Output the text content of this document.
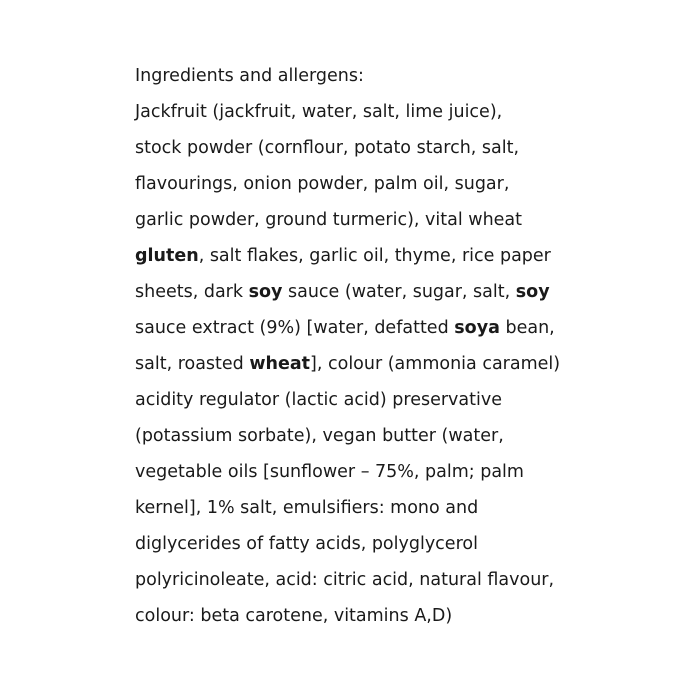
Ingredients and allergens:
Jackfruit (jackfruit, water, salt, lime juice),
stock powder (cornflour, potato starch, salt,
flavourings, onion powder, palm oil, sugar,
garlic powder, ground turmeric), vital wheat
gluten, salt flakes, garlic oil, thyme, rice paper
sheets, dark soy sauce (water, sugar, salt, soy
sauce extract (9%) [water, defatted soya bean,
salt, roasted wheat], colour (ammonia caramel)
acidity regulator (lactic acid) preservative
(potassium sorbate), vegan butter (water,
vegetable oils [sunflower – 75%, palm; palm
kernel], 1% salt, emulsifiers: mono and
diglycerides of fatty acids, polyglycerol
polyricinoleate, acid: citric acid, natural flavour,
colour: beta carotene, vitamins A,D)
